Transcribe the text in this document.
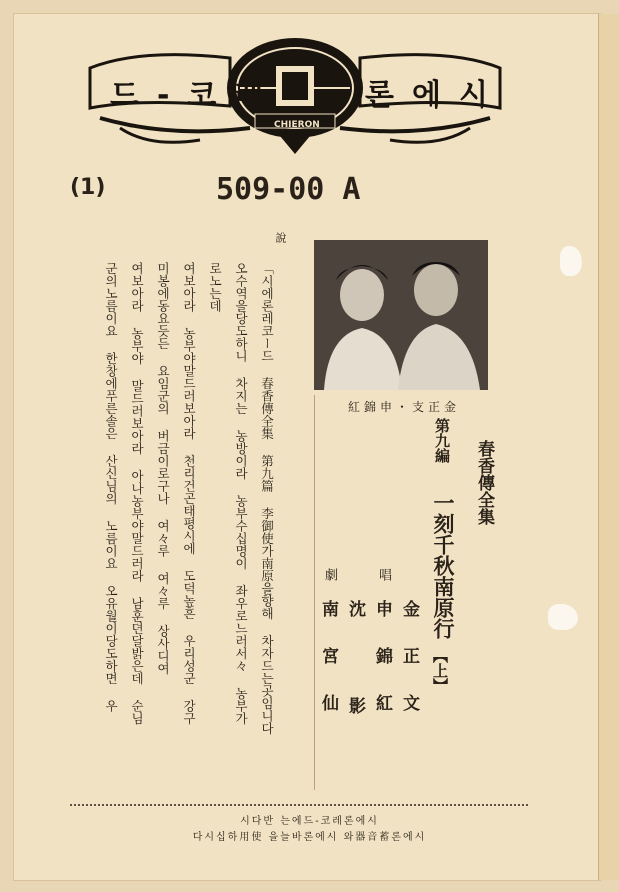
드-코레	론에시
CHIERON
(1)	509-00 A
說
紅錦申・支正金
春香傳全集
第九編
一刻千秋南原行
【上】
唱
劇
金正文
申錦紅
沈影
南宮仙
「시에론레코ー드 春香傳全集 第九篇 李御使가南原을향해 차자드는곳임니다
오수역을당도하니 차지는 농방이라 농부수십명이 좌우로느러서々 농부가
로노는데
여보아라 농부야말드러보아라 천리건곤태평시에 도덕높흔 우리성군 강구
미봉에동요듯든 요임군의 버금이로구나 여々루 여々루 상사디여
여보아라 농부야 말드러보아라 아나농부야말드러라 남훈뎐달밝은데 순님
군의노름이요 한창에푸른솔은 산신님의 노름이요 오유월이당도하면 우
시다반 는에드-코레론에시
다시십하用使 을늘바론에시 와器音蓄론에시
